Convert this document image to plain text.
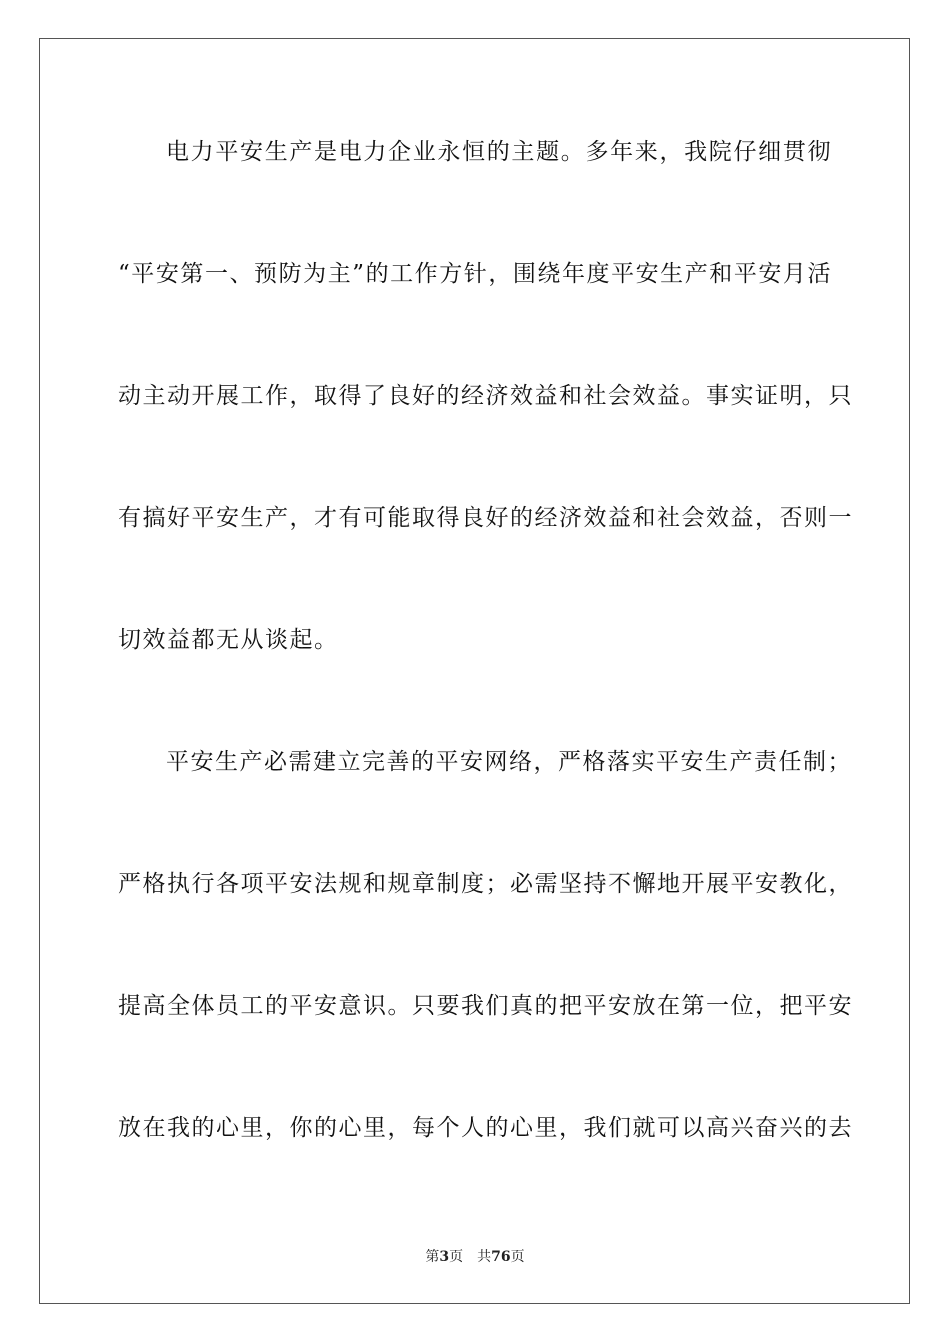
电力平安生产是电力企业永恒的主题。多年来，我院仔细贯彻
“平安第一、预防为主”的工作方针，围绕年度平安生产和平安月活
动主动开展工作，取得了良好的经济效益和社会效益。事实证明，只
有搞好平安生产，才有可能取得良好的经济效益和社会效益，否则一
切效益都无从谈起。
平安生产必需建立完善的平安网络，严格落实平安生产责任制；
严格执行各项平安法规和规章制度；必需坚持不懈地开展平安教化，
提高全体员工的平安意识。只要我们真的把平安放在第一位，把平安
放在我的心里，你的心里，每个人的心里，我们就可以高兴奋兴的去
第3页 共76页
